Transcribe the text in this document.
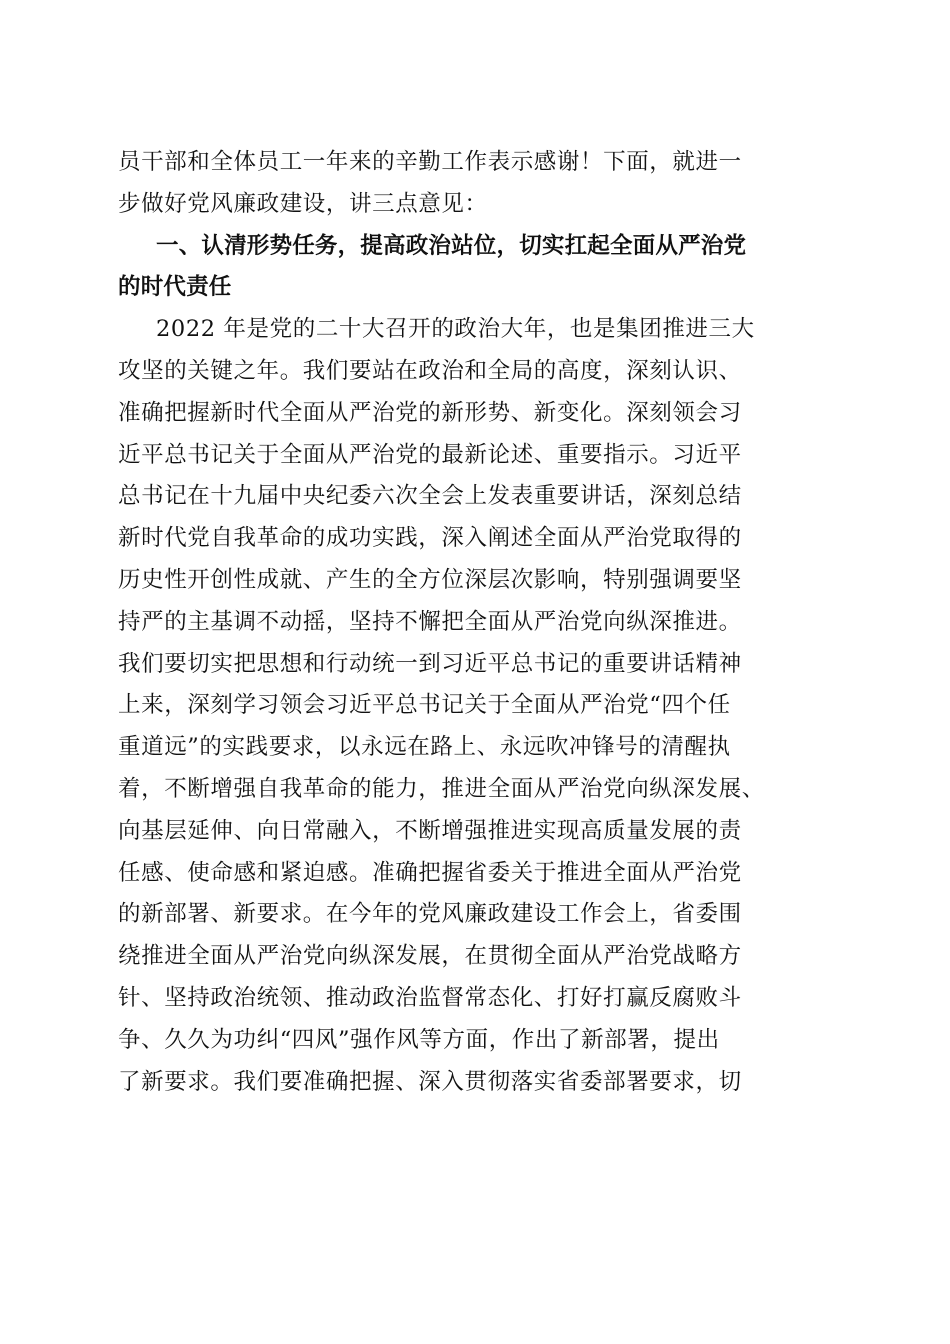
员干部和全体员工一年来的辛勤工作表示感谢！下面，就进一
步做好党风廉政建设，讲三点意见：
一、认清形势任务，提高政治站位，切实扛起全面从严治党
的时代责任
2022 年是党的二十大召开的政治大年，也是集团推进三大
攻坚的关键之年。我们要站在政治和全局的高度，深刻认识、
准确把握新时代全面从严治党的新形势、新变化。深刻领会习
近平总书记关于全面从严治党的最新论述、重要指示。习近平
总书记在十九届中央纪委六次全会上发表重要讲话，深刻总结
新时代党自我革命的成功实践，深入阐述全面从严治党取得的
历史性开创性成就、产生的全方位深层次影响，特别强调要坚
持严的主基调不动摇，坚持不懈把全面从严治党向纵深推进。
我们要切实把思想和行动统一到习近平总书记的重要讲话精神
上来，深刻学习领会习近平总书记关于全面从严治党“四个任
重道远”的实践要求，以永远在路上、永远吹冲锋号的清醒执
着，不断增强自我革命的能力，推进全面从严治党向纵深发展、
向基层延伸、向日常融入，不断增强推进实现高质量发展的责
任感、使命感和紧迫感。准确把握省委关于推进全面从严治党
的新部署、新要求。在今年的党风廉政建设工作会上，省委围
绕推进全面从严治党向纵深发展，在贯彻全面从严治党战略方
针、坚持政治统领、推动政治监督常态化、打好打赢反腐败斗
争、久久为功纠“四风”强作风等方面，作出了新部署，提出
了新要求。我们要准确把握、深入贯彻落实省委部署要求，切
